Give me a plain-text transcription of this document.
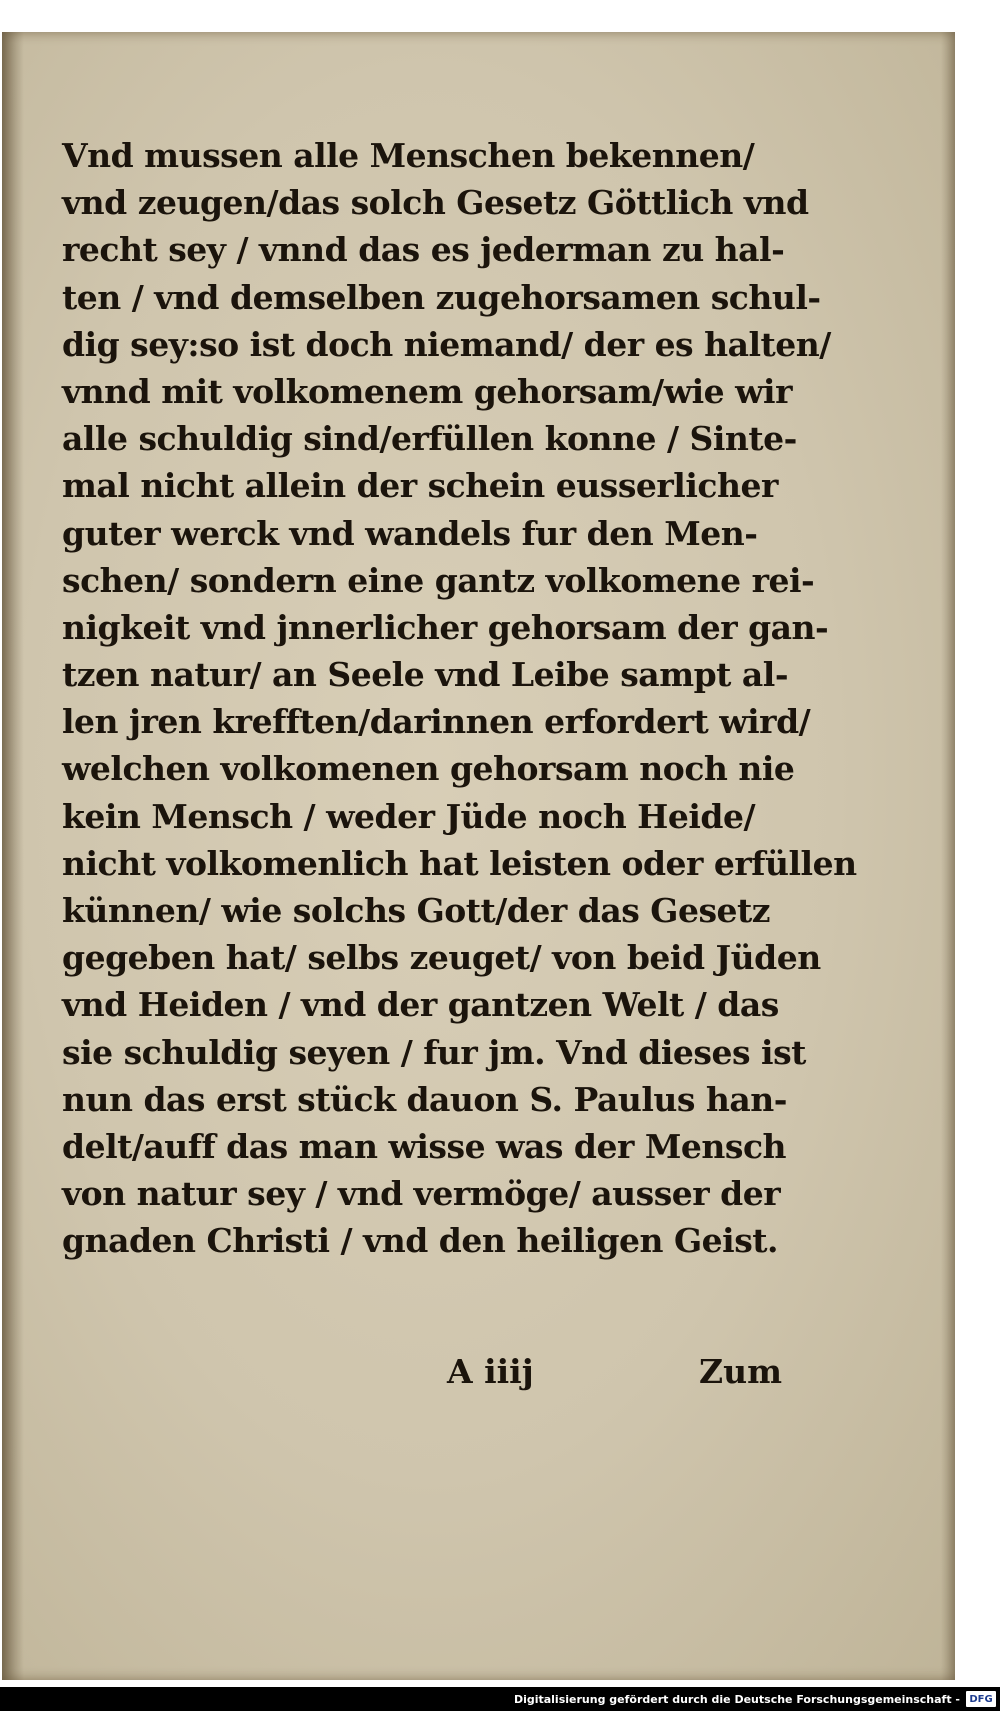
Vnd mussen alle Menschen bekennen/
vnd zeugen/das solch Gesetz Göttlich vnd
recht sey / vnnd das es jederman zu hal-
ten / vnd demselben zugehorsamen schul-
dig sey:so ist doch niemand/ der es halten/
vnnd mit volkomenem gehorsam/wie wir
alle schuldig sind/erfüllen konne / Sinte-
mal nicht allein der schein eusserlicher
guter werck vnd wandels fur den Men-
schen/ sondern eine gantz volkomene rei-
nigkeit vnd jnnerlicher gehorsam der gan-
tzen natur/ an Seele vnd Leibe sampt al-
len jren krefften/darinnen erfordert wird/
welchen volkomenen gehorsam noch nie
kein Mensch / weder Jüde noch Heide/
nicht volkomenlich hat leisten oder erfüllen
künnen/ wie solchs Gott/der das Gesetz
gegeben hat/ selbs zeuget/ von beid Jüden
vnd Heiden / vnd der gantzen Welt / das
sie schuldig seyen / fur jm. Vnd dieses ist
nun das erst stück dauon S. Paulus han-
delt/auff das man wisse was der Mensch
von natur sey / vnd vermöge/ ausser der
gnaden Christi / vnd den heiligen Geist.
A iiij	Zum
Digitalisierung gefördert durch die Deutsche Forschungsgemeinschaft - DFG
